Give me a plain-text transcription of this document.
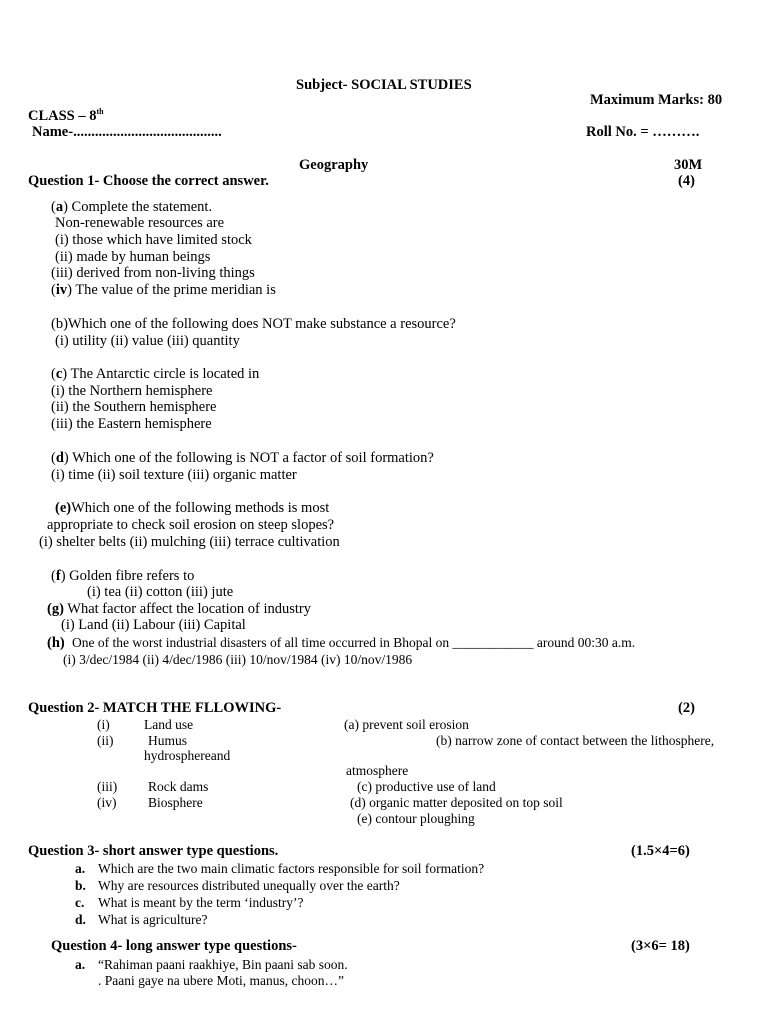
Subject- SOCIAL STUDIES
Maximum Marks: 80
CLASS – 8th
Name-.........................................	Roll No. = ……….
Geography	30M
Question 1- Choose the correct answer.	(4)
(a) Complete the statement.
Non-renewable resources are
(i) those which have limited stock
(ii) made by human beings
(iii) derived from non-living things
(iv) The value of the prime meridian is
(b)Which one of the following does NOT make substance a resource?
(i) utility (ii) value (iii) quantity
(c) The Antarctic circle is located in
(i) the Northern hemisphere
(ii) the Southern hemisphere
(iii) the Eastern hemisphere
(d) Which one of the following is NOT a factor of soil formation?
(i) time (ii) soil texture (iii) organic matter
(e)Which one of the following methods is most
appropriate to check soil erosion on steep slopes?
(i) shelter belts (ii) mulching (iii) terrace cultivation
(f) Golden fibre refers to
(i) tea (ii) cotton (iii) jute
(g) What factor affect the location of industry
(i) Land (ii) Labour (iii) Capital
(h) One of the worst industrial disasters of all time occurred in Bhopal on ____________ around 00:30 a.m.
(i) 3/dec/1984 (ii) 4/dec/1986 (iii) 10/nov/1984 (iv) 10/nov/1986
Question 2- MATCH THE FLLOWING-	(2)
(i)	Land use	(a) prevent soil erosion
(ii)	Humus	(b) narrow zone of contact between the lithosphere,
hydrosphereand
atmosphere
(iii) Rock dams	(c) productive use of land
(iv) Biosphere	(d) organic matter deposited on top soil
(e) contour ploughing
Question 3- short answer type questions.	(1.5×4=6)
a. Which are the two main climatic factors responsible for soil formation?
b. Why are resources distributed unequally over the earth?
c. What is meant by the term ‘industry’?
d. What is agriculture?
Question 4- long answer type questions-	(3×6= 18)
a. “Rahiman paani raakhiye, Bin paani sab soon.
. Paani gaye na ubere Moti, manus, choon…”
